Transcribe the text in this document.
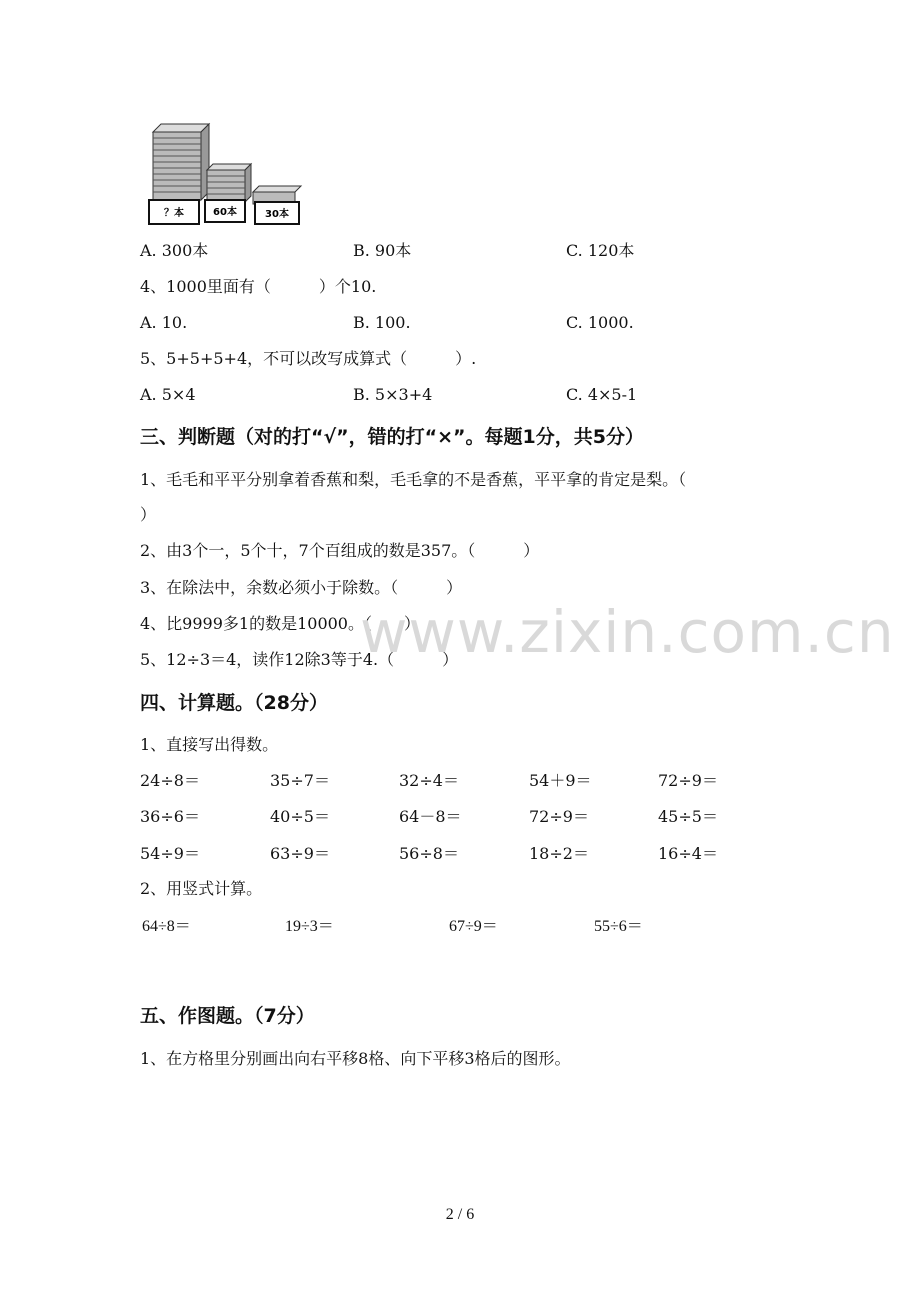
？本	60本	30本
A. 300本	B. 90本	C. 120本
4、1000里面有（　　　）个10.
A. 10.	B. 100.	C. 1000.
5、5+5+5+4，不可以改写成算式（　　　）.
A. 5×4	B. 5×3+4	C. 4×5-1
三、判断题（对的打“√”，错的打“×”。每题1分，共5分）
1、毛毛和平平分别拿着香蕉和梨，毛毛拿的不是香蕉，平平拿的肯定是梨。（
）
2、由3个一，5个十，7个百组成的数是357。（　　　）
3、在除法中，余数必须小于除数。（　　　）
4、比9999多1的数是10000。（　　）
5、12÷3＝4，读作12除3等于4.（　　　）
www.zixin.com.cn
四、计算题。（28分）
1、直接写出得数。
24÷8＝	35÷7＝	32÷4＝	54＋9＝	72÷9＝
36÷6＝	40÷5＝	64－8＝	72÷9＝	45÷5＝
54÷9＝	63÷9＝	56÷8＝	18÷2＝	16÷4＝
2、用竖式计算。
64÷8＝	19÷3＝	67÷9＝	55÷6＝
五、作图题。（7分）
1、在方格里分别画出向右平移8格、向下平移3格后的图形。
2 / 6
